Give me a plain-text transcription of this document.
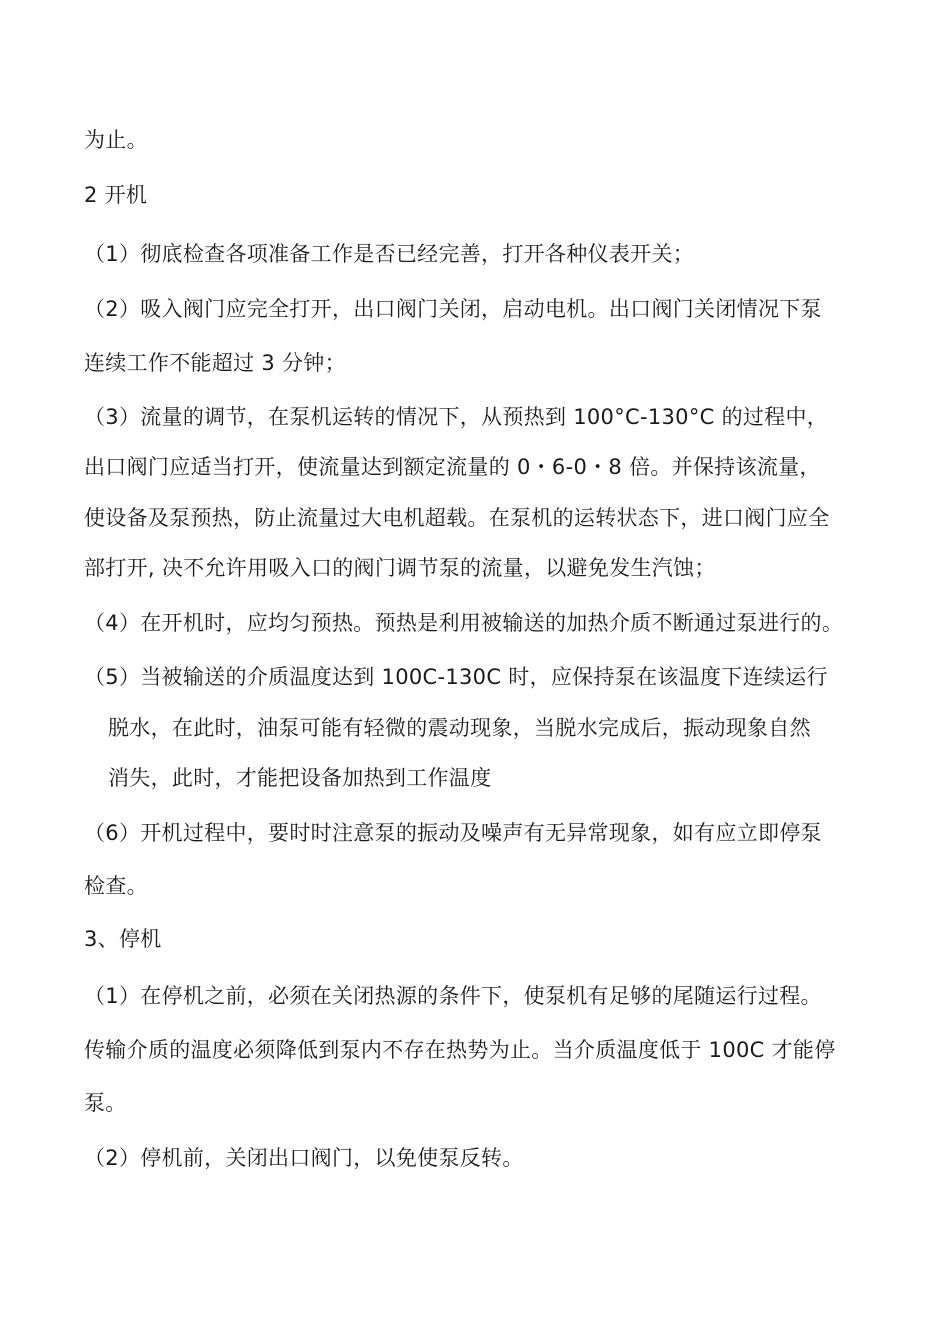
为止。
2 开机
（1）彻底检查各项准备工作是否已经完善，打开各种仪表开关；
（2）吸入阀门应完全打开，出口阀门关闭，启动电机。出口阀门关闭情况下泵
连续工作不能超过 3 分钟；
（3）流量的调节，在泵机运转的情况下，从预热到 100°C-130°C 的过程中，
出口阀门应适当打开，使流量达到额定流量的 0・6-0・8 倍。并保持该流量，
使设备及泵预热，防止流量过大电机超载。在泵机的运转状态下，进口阀门应全
部打开, 决不允许用吸入口的阀门调节泵的流量，以避免发生汽蚀；
（4）在开机时，应均匀预热。预热是利用被输送的加热介质不断通过泵进行的。
（5）当被输送的介质温度达到 100C-130C 时，应保持泵在该温度下连续运行
脱水，在此时，油泵可能有轻微的震动现象，当脱水完成后，振动现象自然
消失，此时，才能把设备加热到工作温度
（6）开机过程中，要时时注意泵的振动及噪声有无异常现象，如有应立即停泵
检查。
3、停机
（1）在停机之前，必须在关闭热源的条件下，使泵机有足够的尾随运行过程。
传输介质的温度必须降低到泵内不存在热势为止。当介质温度低于 100C 才能停
泵。
（2）停机前，关闭出口阀门，以免使泵反转。
